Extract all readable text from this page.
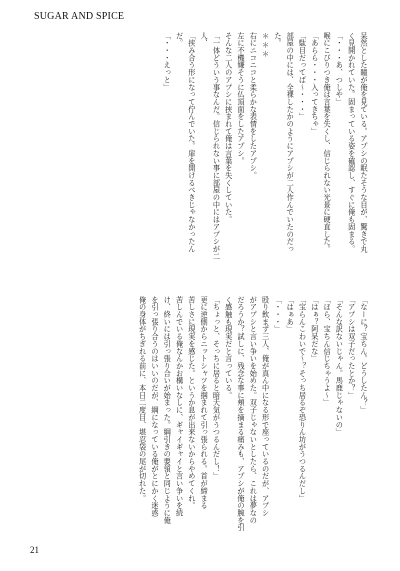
SUGAR AND SPICE

呆然とした瞳が俺を見ている。アプシの眠たそうな目が、驚きで丸

く見開かれていた。固まっている姿を確認し、すぐに俺も固まる。

「・・・あ、つしや」

喉にこびりつき俺は言葉を失くし、信じられない光景に硬直した。

「あらら・・・入ってきちゃ」

「駄目だってば～・・・」

部屋の中には、全裸したかのようにアプシが二人作んでいたのだっ

た。

＊＊＊

右にニコニコと柔らかな表情をしたアプシ。

左に不機嫌そうに仏頂面をしたアプシ。

そんな二人のアプシに挟まれて俺は言葉を失くしていた。

「一体どういう事なんだ。信じられない事に部屋の中にはアプシが二

人、

「挟み合う形になって佇んでいた。扉を開けるべきじゃなかったん

だ。

「・・・えっと」

「なーに？宝ちん。どうしたん？」

「アプシは双子だったとか？」

「そんな訳ないじゃん。馬鹿じゃないの」

「ほら、宝ちん信じちゃうよ～」

「はぁ？阿呆だな」

「宝らんこわいで～？そっち居るぞ恐りん坊がうつるんだし」

「はぁあ」

「・・・」

殴り飲まず三人、俺が真ん中になる形で座っているのだが、アプシ

がアプシと言い争いを始めた。双子じゃないとしたら、これは夢なの

だろうか？試しに、残念な事に頬を摘まる痛みも、アプシが俺の腕を引

く感触も現実だと言っている。

「ちょっと、そっちに居ると暗天気がうつるんだし！」

更に逆側からニットシャツを掴まれて引っ張られる。首が締まる

苦しさに現実を感じた。というか息が出来ないからやめてくれ。

苦しんでいる俺なんかお構いなしに、ギャイギャイと言い争いを続

け、終いには引っ張り合いが始まった。綱引きの要領と同じように俺

を引っ張り合うのはいいのだが、綱になっている俺がとにかく迷惑

俺の身体がちぎれる前に、本日二度目、堪忍袋の尾が切れた。

21
